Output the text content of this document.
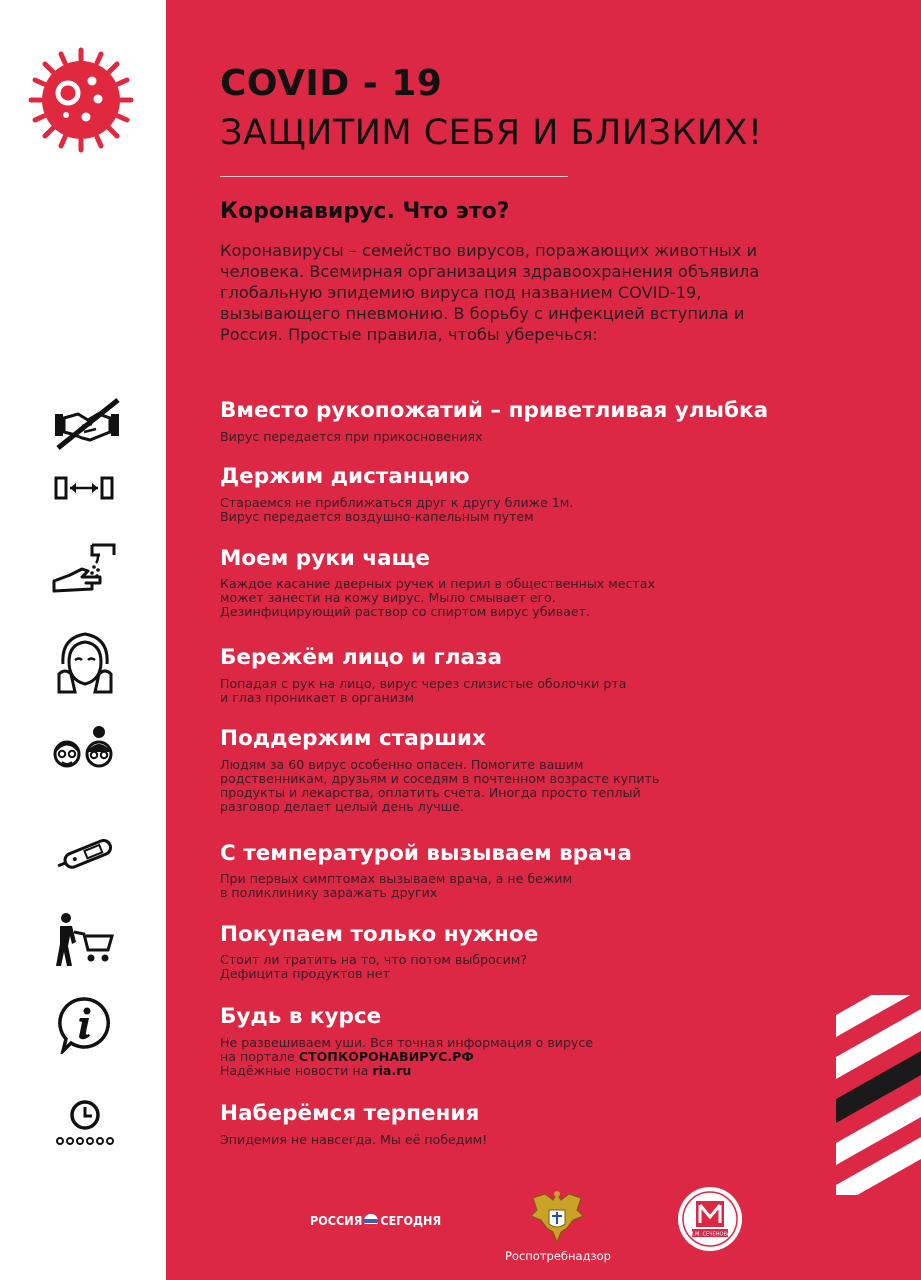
COVID - 19
ЗАЩИТИМ СЕБЯ И БЛИЗКИХ!
Коронавирус. Что это?
Коронавирусы – семейство вирусов, поражающих животных и
человека. Всемирная организация здравоохранения объявила
глобальную эпидемию вируса под названием COVID-19,
вызывающего пневмонию. В борьбу с инфекцией вступила и
Россия. Простые правила, чтобы уберечься:
Вместо рукопожатий – приветливая улыбка
Вирус передается при прикосновениях
Держим дистанцию
Стараемся не приближаться друг к другу ближе 1м.
Вирус передается воздушно-капельным путем
Моем руки чаще
Каждое касание дверных ручек и перил в общественных местах
может занести на кожу вирус. Мыло смывает его.
Дезинфицирующий раствор со спиртом вирус убивает.
Бережём лицо и глаза
Попадая с рук на лицо, вирус через слизистые оболочки рта
и глаз проникает в организм
Поддержим старших
Людям за 60 вирус особенно опасен. Помогите вашим
родственникам, друзьям и соседям в почтенном возрасте купить
продукты и лекарства, оплатить счета. Иногда просто теплый
разговор делает целый день лучше.
С температурой вызываем врача
При первых симптомах вызываем врача, а не бежим
в поликлинику заражать других
Покупаем только нужное
Стоит ли тратить на то, что потом выбросим?
Дефицита продуктов нет
Будь в курсе
Не развешиваем уши. Вся точная информация о вирусе
на портале СТОПКОРОНАВИРУС.РФ
Надёжные новости на ria.ru
Наберёмся терпения
Эпидемия не навсегда. Мы её победим!
РОССИЯ СЕГОДНЯ
Роспотребнадзор
И.М. СЕЧЕНОВА
